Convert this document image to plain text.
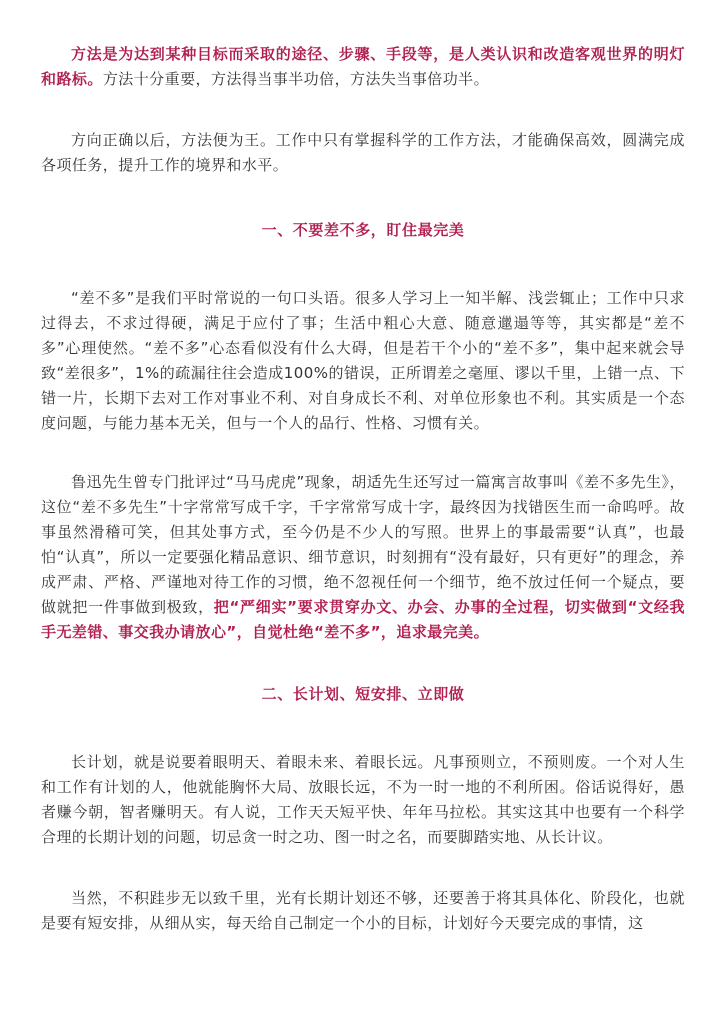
方法是为达到某种目标而采取的途径、步骤、手段等，是人类认识和改造客观世界的明灯和路标。方法十分重要，方法得当事半功倍，方法失当事倍功半。

方向正确以后，方法便为王。工作中只有掌握科学的工作方法，才能确保高效，圆满完成各项任务，提升工作的境界和水平。

一、不要差不多，盯住最完美

“差不多”是我们平时常说的一句口头语。很多人学习上一知半解、浅尝辄止；工作中只求过得去，不求过得硬，满足于应付了事；生活中粗心大意、随意邋遢等等，其实都是“差不多”心理使然。“差不多”心态看似没有什么大碍，但是若干个小的“差不多”，集中起来就会导致“差很多”，1%的疏漏往往会造成100%的错误，正所谓差之毫厘、谬以千里，上错一点、下错一片，长期下去对工作对事业不利、对自身成长不利、对单位形象也不利。其实质是一个态度问题，与能力基本无关，但与一个人的品行、性格、习惯有关。

鲁迅先生曾专门批评过“马马虎虎”现象，胡适先生还写过一篇寓言故事叫《差不多先生》，这位“差不多先生”十字常常写成千字，千字常常写成十字，最终因为找错医生而一命呜呼。故事虽然滑稽可笑，但其处事方式，至今仍是不少人的写照。世界上的事最需要“认真”，也最怕“认真”，所以一定要强化精品意识、细节意识，时刻拥有“没有最好，只有更好”的理念，养成严肃、严格、严谨地对待工作的习惯，绝不忽视任何一个细节，绝不放过任何一个疑点，要做就把一件事做到极致，把“严细实”要求贯穿办文、办会、办事的全过程，切实做到“文经我手无差错、事交我办请放心”，自觉杜绝“差不多”，追求最完美。

二、长计划、短安排、立即做

长计划，就是说要着眼明天、着眼未来、着眼长远。凡事预则立，不预则废。一个对人生和工作有计划的人，他就能胸怀大局、放眼长远，不为一时一地的不利所困。俗话说得好，愚者赚今朝，智者赚明天。有人说，工作天天短平快、年年马拉松。其实这其中也要有一个科学合理的长期计划的问题，切忌贪一时之功、图一时之名，而要脚踏实地、从长计议。

当然，不积跬步无以致千里，光有长期计划还不够，还要善于将其具体化、阶段化，也就是要有短安排，从细从实，每天给自己制定一个小的目标，计划好今天要完成的事情，这
